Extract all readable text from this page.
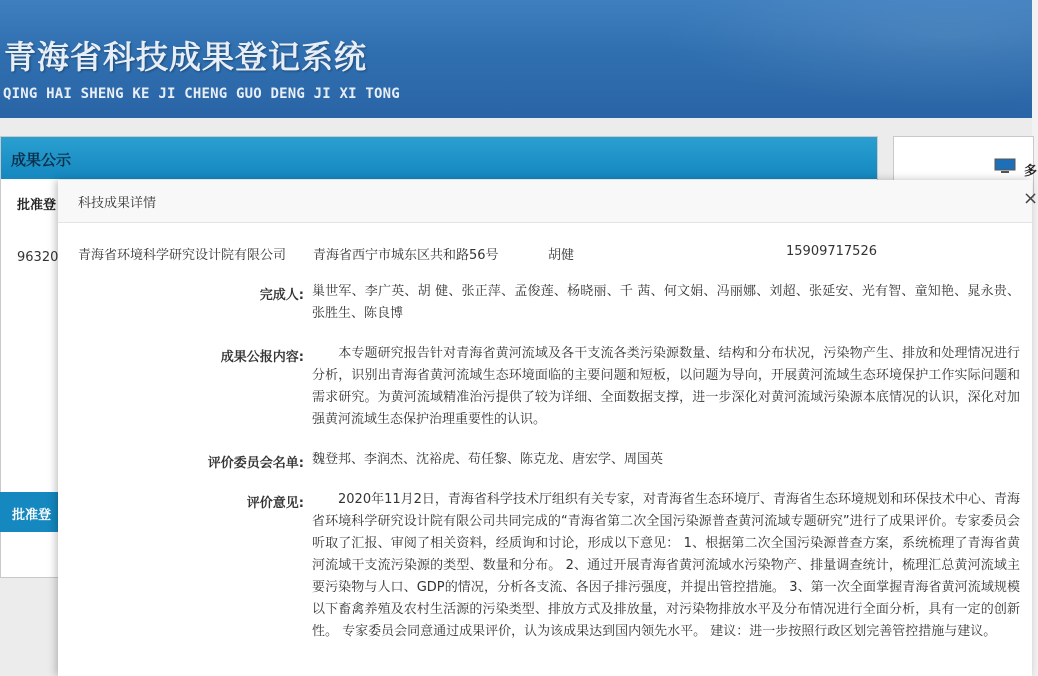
青海省科技成果登记系统
QING HAI SHENG KE JI CHENG GUO DENG JI XI TONG
成果公示
批准登
96320
批准登
多
科技成果详情	×
青海省环境科学研究设计院有限公司 青海省西宁市城东区共和路56号	胡健	15909717526
完成人: 巢世军、李广英、胡 健、张正萍、孟俊莲、杨晓丽、千 茜、何文娟、冯丽娜、刘超、张延安、光有智、童知艳、晁永贵、张胜生、陈良博
成果公报内容: 　　本专题研究报告针对青海省黄河流域及各干支流各类污染源数量、结构和分布状况，污染物产生、排放和处理情况进行分析，识别出青海省黄河流域生态环境面临的主要问题和短板，以问题为导向，开展黄河流域生态环境保护工作实际问题和需求研究。为黄河流域精准治污提供了较为详细、全面数据支撑，进一步深化对黄河流域污染源本底情况的认识，深化对加强黄河流域生态保护治理重要性的认识。
评价委员会名单: 魏登邦、李润杰、沈裕虎、苟任黎、陈克龙、唐宏学、周国英
评价意见: 　　2020年11月2日，青海省科学技术厅组织有关专家，对青海省生态环境厅、青海省生态环境规划和环保技术中心、青海省环境科学研究设计院有限公司共同完成的“青海省第二次全国污染源普查黄河流域专题研究”进行了成果评价。专家委员会听取了汇报、审阅了相关资料，经质询和讨论，形成以下意见： 1、根据第二次全国污染源普查方案，系统梳理了青海省黄河流域干支流污染源的类型、数量和分布。 2、通过开展青海省黄河流域水污染物产、排量调查统计，梳理汇总黄河流域主要污染物与人口、GDP的情况，分析各支流、各因子排污强度，并提出管控措施。 3、第一次全面掌握青海省黄河流域规模以下畜禽养殖及农村生活源的污染类型、排放方式及排放量，对污染物排放水平及分布情况进行全面分析，具有一定的创新性。 专家委员会同意通过成果评价，认为该成果达到国内领先水平。 建议：进一步按照行政区划完善管控措施与建议。
